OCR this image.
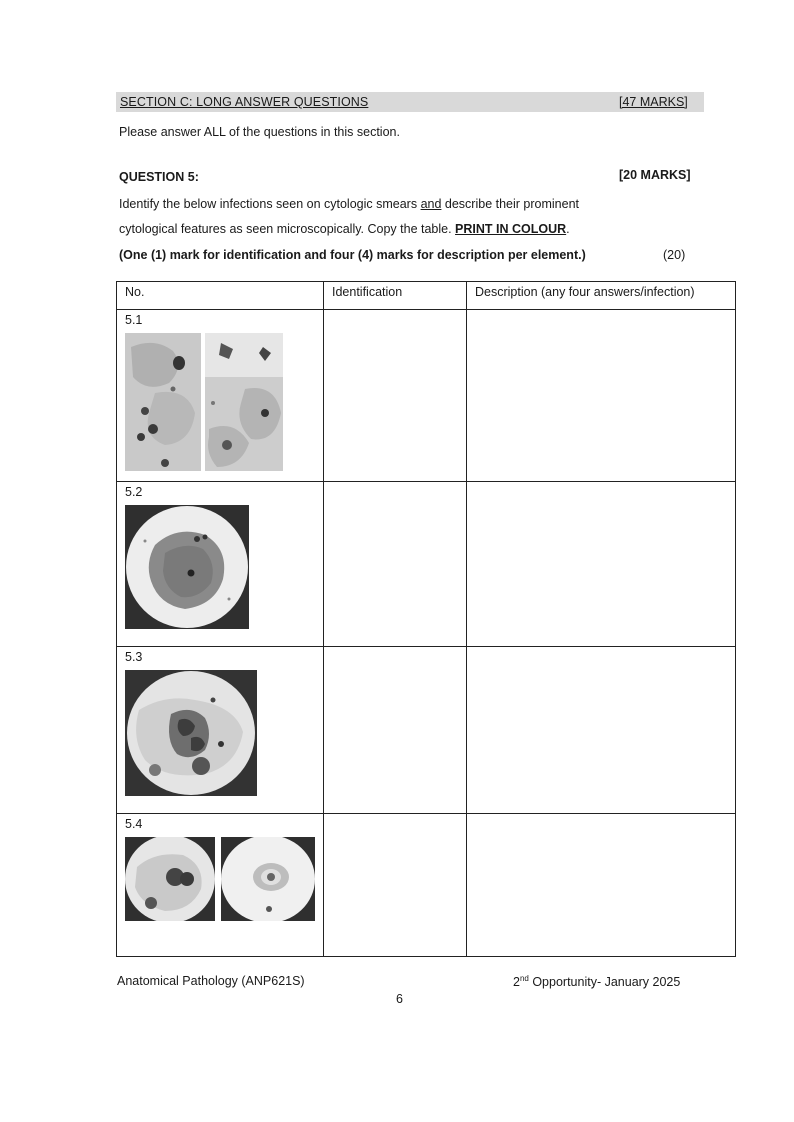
SECTION C: LONG ANSWER QUESTIONS	[47 MARKS]
Please answer ALL of the questions in this section.
QUESTION 5:	[20 MARKS]
Identify the below infections seen on cytologic smears and describe their prominent
cytological features as seen microscopically. Copy the table. PRINT IN COLOUR.
(One (1) mark for identification and four (4) marks for description per element.)	(20)
No.	Identification	Description (any four answers/infection)

5.1		

5.2		

5.3		

5.4		

Anatomical Pathology (ANP621S)	2nd Opportunity- January 2025
6
